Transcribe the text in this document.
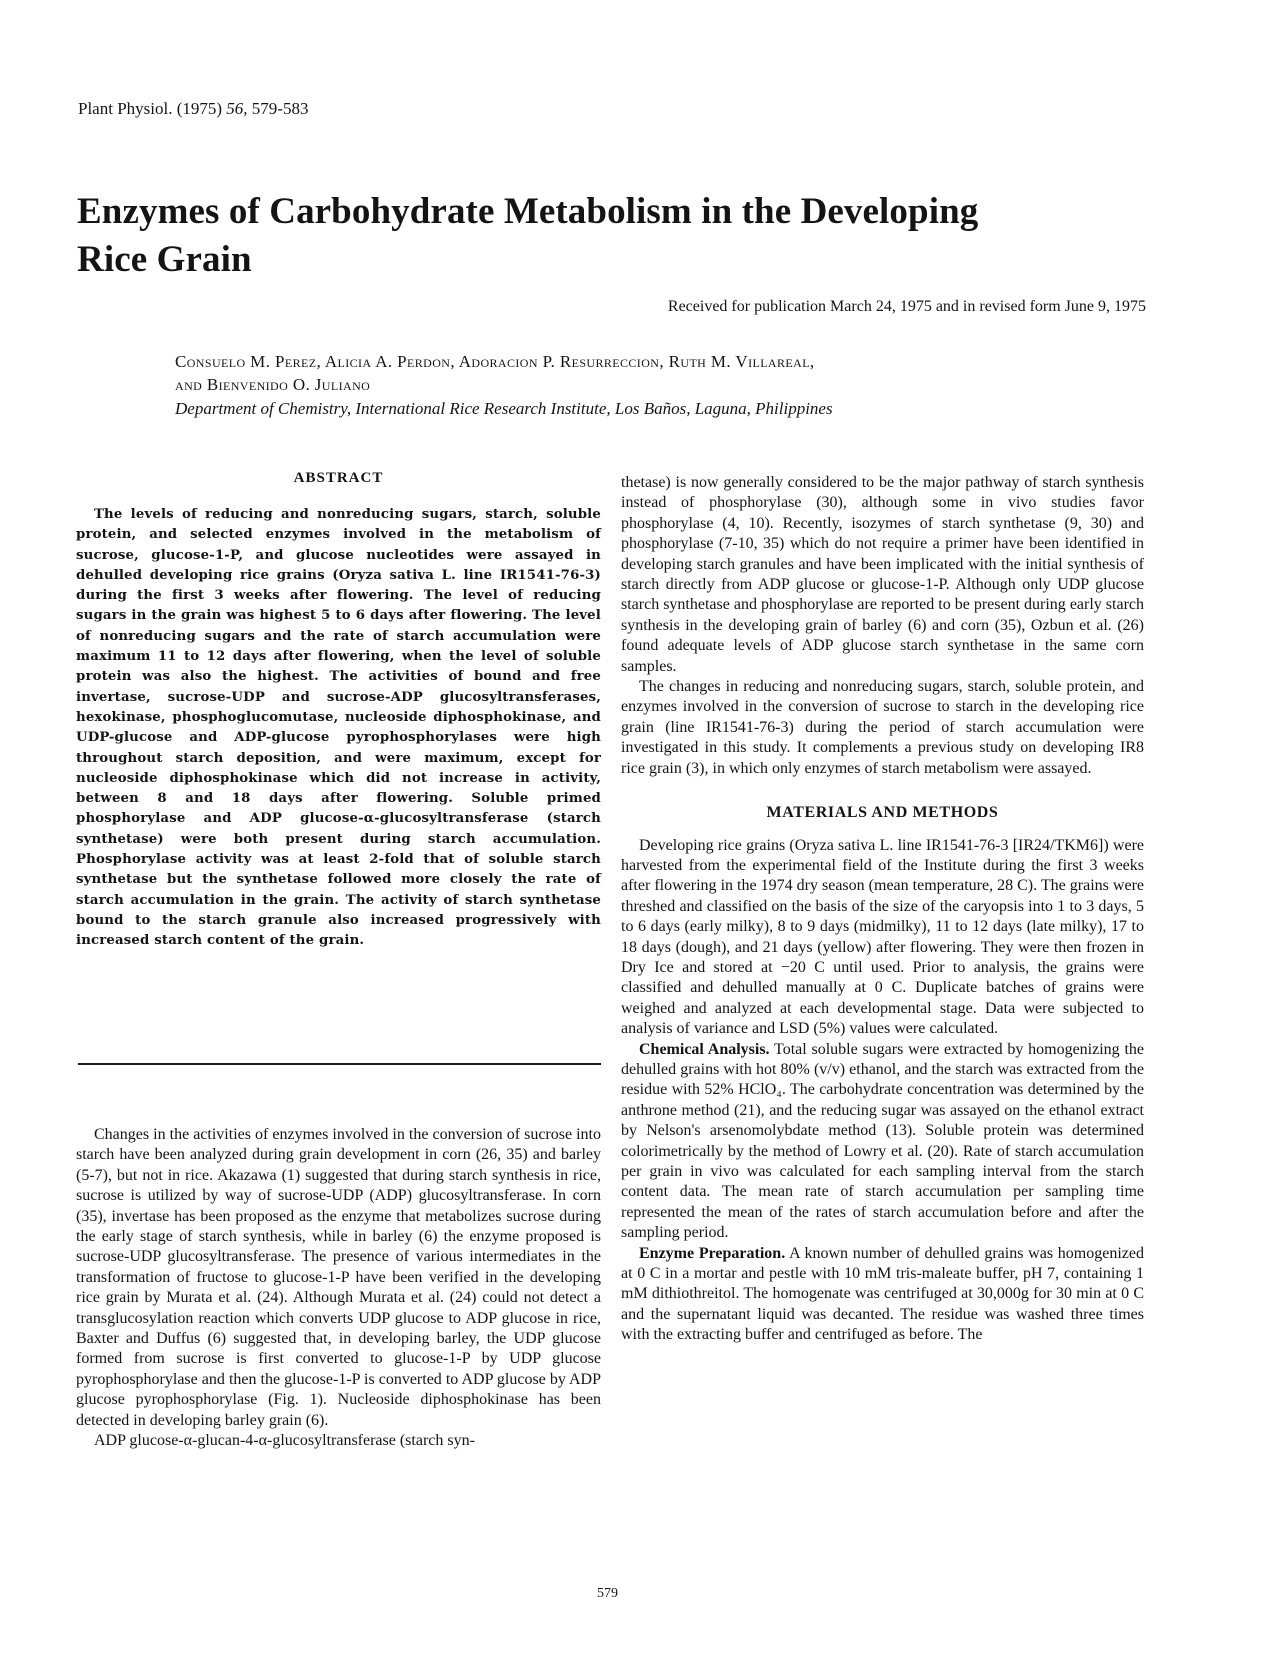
Plant Physiol. (1975) 56, 579-583
Enzymes of Carbohydrate Metabolism in the Developing
Rice Grain
Received for publication March 24, 1975 and in revised form June 9, 1975
Consuelo M. Perez, Alicia A. Perdon, Adoracion P. Resurreccion, Ruth M. Villareal,
and Bienvenido O. Juliano
Department of Chemistry, International Rice Research Institute, Los Baños, Laguna, Philippines
ABSTRACT

The levels of reducing and nonreducing sugars, starch, soluble protein, and selected enzymes involved in the metabolism of sucrose, glucose-1-P, and glucose nucleotides were assayed in dehulled developing rice grains (Oryza sativa L. line IR1541-76-3) during the first 3 weeks after flowering. The level of reducing sugars in the grain was highest 5 to 6 days after flowering. The level of nonreducing sugars and the rate of starch accumulation were maximum 11 to 12 days after flowering, when the level of soluble protein was also the highest. The activities of bound and free invertase, sucrose-UDP and sucrose-ADP glucosyltransferases, hexokinase, phosphoglucomutase, nucleoside diphosphokinase, and UDP-glucose and ADP-glucose pyrophosphorylases were high throughout starch deposition, and were maximum, except for nucleoside diphosphokinase which did not increase in activity, between 8 and 18 days after flowering. Soluble primed phosphorylase and ADP glucose-α-glucosyltransferase (starch synthetase) were both present during starch accumulation. Phosphorylase activity was at least 2-fold that of soluble starch synthetase but the synthetase followed more closely the rate of starch accumulation in the grain. The activity of starch synthetase bound to the starch granule also increased progressively with increased starch content of the grain.

Changes in the activities of enzymes involved in the conversion of sucrose into starch have been analyzed during grain development in corn (26, 35) and barley (5-7), but not in rice. Akazawa (1) suggested that during starch synthesis in rice, sucrose is utilized by way of sucrose-UDP (ADP) glucosyltransferase. In corn (35), invertase has been proposed as the enzyme that metabolizes sucrose during the early stage of starch synthesis, while in barley (6) the enzyme proposed is sucrose-UDP glucosyltransferase. The presence of various intermediates in the transformation of fructose to glucose-1-P have been verified in the developing rice grain by Murata et al. (24). Although Murata et al. (24) could not detect a transglucosylation reaction which converts UDP glucose to ADP glucose in rice, Baxter and Duffus (6) suggested that, in developing barley, the UDP glucose formed from sucrose is first converted to glucose-1-P by UDP glucose pyrophosphorylase and then the glucose-1-P is converted to ADP glucose by ADP glucose pyrophosphorylase (Fig. 1). Nucleoside diphosphokinase has been detected in developing barley grain (6).

ADP glucose-α-glucan-4-α-glucosyltransferase (starch syn-

thetase) is now generally considered to be the major pathway of starch synthesis instead of phosphorylase (30), although some in vivo studies favor phosphorylase (4, 10). Recently, isozymes of starch synthetase (9, 30) and phosphorylase (7-10, 35) which do not require a primer have been identified in developing starch granules and have been implicated with the initial synthesis of starch directly from ADP glucose or glucose-1-P. Although only UDP glucose starch synthetase and phosphorylase are reported to be present during early starch synthesis in the developing grain of barley (6) and corn (35), Ozbun et al. (26) found adequate levels of ADP glucose starch synthetase in the same corn samples.

The changes in reducing and nonreducing sugars, starch, soluble protein, and enzymes involved in the conversion of sucrose to starch in the developing rice grain (line IR1541-76-3) during the period of starch accumulation were investigated in this study. It complements a previous study on developing IR8 rice grain (3), in which only enzymes of starch metabolism were assayed.

MATERIALS AND METHODS

Developing rice grains (Oryza sativa L. line IR1541-76-3 [IR24/TKM6]) were harvested from the experimental field of the Institute during the first 3 weeks after flowering in the 1974 dry season (mean temperature, 28 C). The grains were threshed and classified on the basis of the size of the caryopsis into 1 to 3 days, 5 to 6 days (early milky), 8 to 9 days (midmilky), 11 to 12 days (late milky), 17 to 18 days (dough), and 21 days (yellow) after flowering. They were then frozen in Dry Ice and stored at −20 C until used. Prior to analysis, the grains were classified and dehulled manually at 0 C. Duplicate batches of grains were weighed and analyzed at each developmental stage. Data were subjected to analysis of variance and LSD (5%) values were calculated.

Chemical Analysis. Total soluble sugars were extracted by homogenizing the dehulled grains with hot 80% (v/v) ethanol, and the starch was extracted from the residue with 52% HClO₄. The carbohydrate concentration was determined by the anthrone method (21), and the reducing sugar was assayed on the ethanol extract by Nelson's arsenomolybdate method (13). Soluble protein was determined colorimetrically by the method of Lowry et al. (20). Rate of starch accumulation per grain in vivo was calculated for each sampling interval from the starch content data. The mean rate of starch accumulation per sampling time represented the mean of the rates of starch accumulation before and after the sampling period.

Enzyme Preparation. A known number of dehulled grains was homogenized at 0 C in a mortar and pestle with 10 mM tris-maleate buffer, pH 7, containing 1 mM dithiothreitol. The homogenate was centrifuged at 30,000g for 30 min at 0 C and the supernatant liquid was decanted. The residue was washed three times with the extracting buffer and centrifuged as before. The

579
